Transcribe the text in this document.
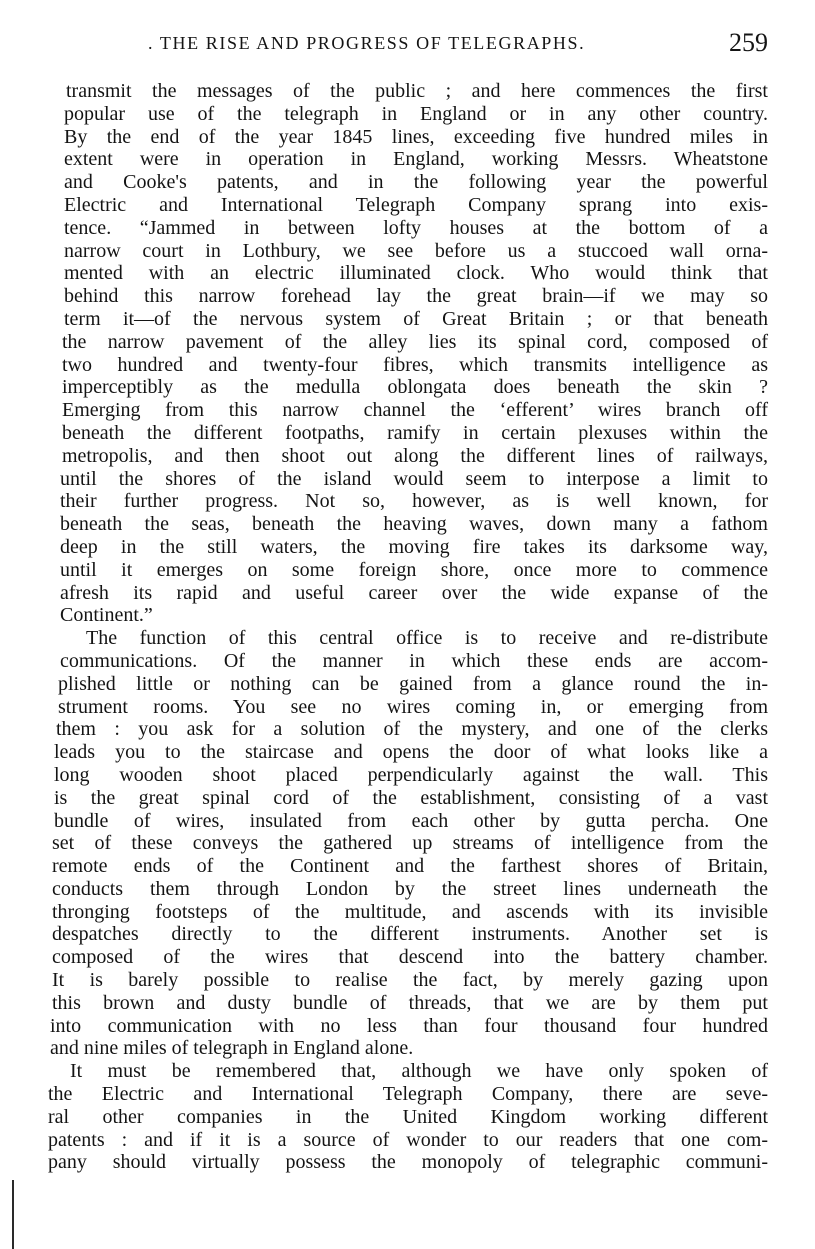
. THE RISE AND PROGRESS OF TELEGRAPHS.	259
transmit the messages of the public ; and here commences the first
popular use of the telegraph in England or in any other country.
By the end of the year 1845 lines, exceeding five hundred miles in
extent were in operation in England, working Messrs. Wheatstone
and Cooke's patents, and in the following year the powerful
Electric and International Telegraph Company sprang into exis-
tence. “Jammed in between lofty houses at the bottom of a
narrow court in Lothbury, we see before us a stuccoed wall orna-
mented with an electric illuminated clock. Who would think that
behind this narrow forehead lay the great brain—if we may so
term it—of the nervous system of Great Britain ; or that beneath
the narrow pavement of the alley lies its spinal cord, composed of
two hundred and twenty-four fibres, which transmits intelligence as
imperceptibly as the medulla oblongata does beneath the skin ?
Emerging from this narrow channel the ‘efferent’ wires branch off
beneath the different footpaths, ramify in certain plexuses within the
metropolis, and then shoot out along the different lines of railways,
until the shores of the island would seem to interpose a limit to
their further progress. Not so, however, as is well known, for
beneath the seas, beneath the heaving waves, down many a fathom
deep in the still waters, the moving fire takes its darksome way,
until it emerges on some foreign shore, once more to commence
afresh its rapid and useful career over the wide expanse of the
Continent.”
The function of this central office is to receive and re-distribute
communications. Of the manner in which these ends are accom-
plished little or nothing can be gained from a glance round the in-
strument rooms. You see no wires coming in, or emerging from
them : you ask for a solution of the mystery, and one of the clerks
leads you to the staircase and opens the door of what looks like a
long wooden shoot placed perpendicularly against the wall. This
is the great spinal cord of the establishment, consisting of a vast
bundle of wires, insulated from each other by gutta percha. One
set of these conveys the gathered up streams of intelligence from the
remote ends of the Continent and the farthest shores of Britain,
conducts them through London by the street lines underneath the
thronging footsteps of the multitude, and ascends with its invisible
despatches directly to the different instruments. Another set is
composed of the wires that descend into the battery chamber.
It is barely possible to realise the fact, by merely gazing upon
this brown and dusty bundle of threads, that we are by them put
into communication with no less than four thousand four hundred
and nine miles of telegraph in England alone.
It must be remembered that, although we have only spoken of
the Electric and International Telegraph Company, there are seve-
ral other companies in the United Kingdom working different
patents : and if it is a source of wonder to our readers that one com-
pany should virtually possess the monopoly of telegraphic communi-
